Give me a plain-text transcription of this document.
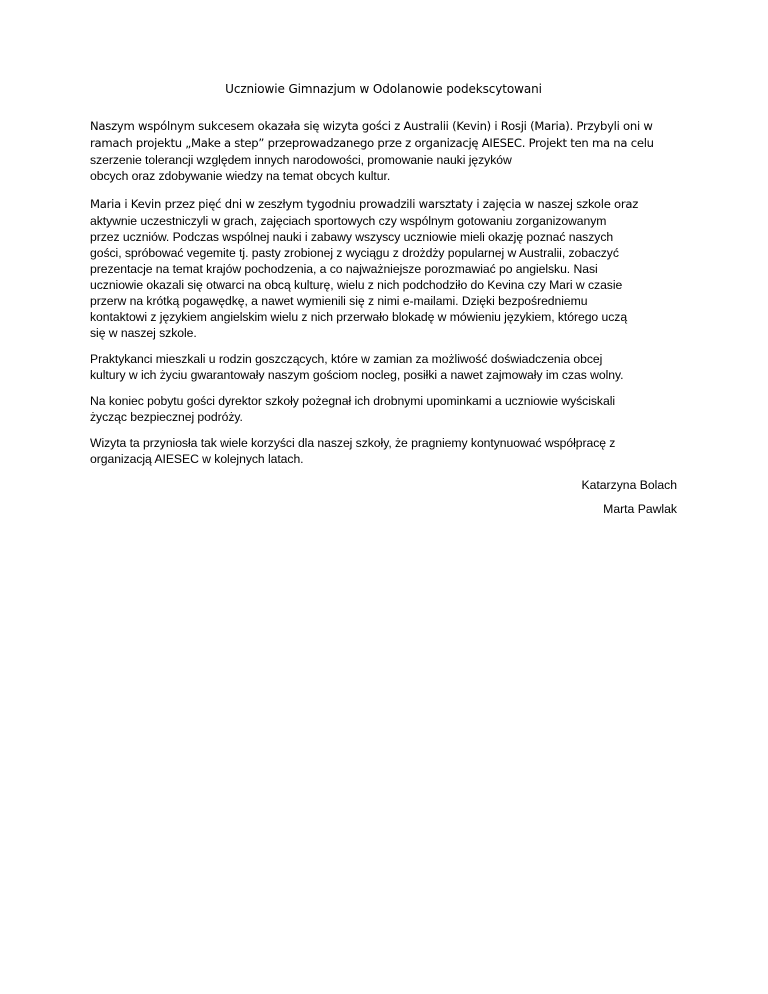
Uczniowie Gimnazjum w Odolanowie podekscytowani
Naszym wspólnym sukcesem okazała się wizyta gości z Australii (Kevin) i Rosji (Maria). Przybyli oni w
ramach projektu „Make a step” przeprowadzanego prze z organizację AIESEC. Projekt ten ma na celu
szerzenie tolerancji względem innych narodowości, promowanie nauki języków
obcych oraz zdobywanie wiedzy na temat obcych kultur.
Maria i Kevin przez pięć dni w zeszłym tygodniu prowadzili warsztaty i zajęcia w naszej szkole oraz
aktywnie uczestniczyli w grach, zajęciach sportowych czy wspólnym gotowaniu zorganizowanym
przez uczniów. Podczas wspólnej nauki i zabawy wszyscy uczniowie mieli okazję poznać naszych
gości, spróbować vegemite tj. pasty zrobionej z wyciągu z drożdży popularnej w Australii, zobaczyć
prezentacje na temat krajów pochodzenia, a co najważniejsze porozmawiać po angielsku. Nasi
uczniowie okazali się otwarci na obcą kulturę, wielu z nich podchodziło do Kevina czy Mari w czasie
przerw na krótką pogawędkę, a nawet wymienili się z nimi e-mailami. Dzięki bezpośredniemu
kontaktowi z językiem angielskim wielu z nich przerwało blokadę w mówieniu językiem, którego uczą
się w naszej szkole.
Praktykanci mieszkali u rodzin goszczących, które w zamian za możliwość doświadczenia obcej
kultury w ich życiu gwarantowały naszym gościom nocleg, posiłki a nawet zajmowały im czas wolny.
Na koniec pobytu gości dyrektor szkoły pożegnał ich drobnymi upominkami a uczniowie wyściskali
życząc bezpiecznej podróży.
Wizyta ta przyniosła tak wiele korzyści dla naszej szkoły, że pragniemy kontynuować współpracę z
organizacją AIESEC w kolejnych latach.
Katarzyna Bolach
Marta Pawlak
